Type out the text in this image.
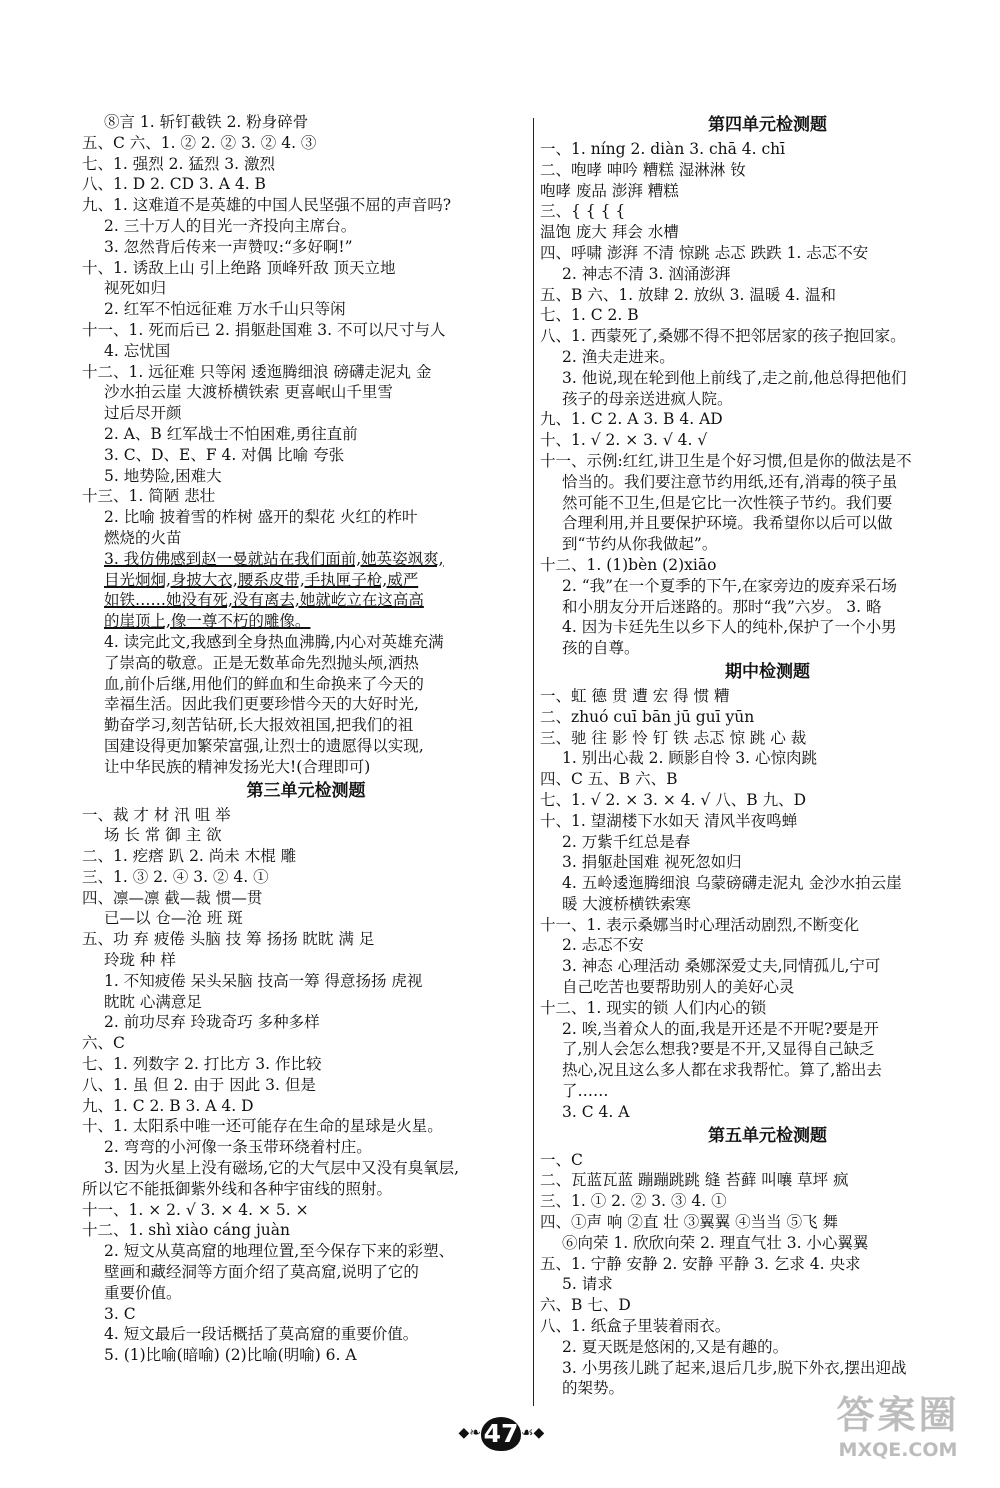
⑧言 1. 斩钉截铁 2. 粉身碎骨
五、C 六、1. ② 2. ② 3. ② 4. ③
七、1. 强烈 2. 猛烈 3. 激烈
八、1. D 2. CD 3. A 4. B
九、1. 这难道不是英雄的中国人民坚强不屈的声音吗?
2. 三十万人的目光一齐投向主席台。
3. 忽然背后传来一声赞叹:“多好啊!”
十、1. 诱敌上山 引上绝路 顶峰歼敌 顶天立地
视死如归
2. 红军不怕远征难 万水千山只等闲
十一、1. 死而后已 2. 捐躯赴国难 3. 不可以尺寸与人
4. 忘忧国
十二、1. 远征难 只等闲 逶迤腾细浪 磅礴走泥丸 金
沙水拍云崖 大渡桥横铁索 更喜岷山千里雪
过后尽开颜
2. A、B 红军战士不怕困难,勇往直前
3. C、D、E、F 4. 对偶 比喻 夸张
5. 地势险,困难大
十三、1. 简陋 悲壮
2. 比喻 披着雪的柞树 盛开的梨花 火红的柞叶
燃烧的火苗
3. 我仿佛感到赵一曼就站在我们面前,她英姿飒爽,
目光炯炯,身披大衣,腰系皮带,手执匣子枪,威严
如铁……她没有死,没有离去,她就屹立在这高高
的崖顶上,像一尊不朽的雕像。
4. 读完此文,我感到全身热血沸腾,内心对英雄充满
了崇高的敬意。正是无数革命先烈抛头颅,洒热
血,前仆后继,用他们的鲜血和生命换来了今天的
幸福生活。因此我们更要珍惜今天的大好时光,
勤奋学习,刻苦钻研,长大报效祖国,把我们的祖
国建设得更加繁荣富强,让烈士的遗愿得以实现,
让中华民族的精神发扬光大!(合理即可)
第三单元检测题
一、裁 才 材 汛 咀 举
场 长 常 御 主 欲
二、1. 疙瘩 趴 2. 尚未 木棍 雕
三、1. ③ 2. ④ 3. ② 4. ①
四、凛—凛 截—裁 惯—贯
已—以 仓—沧 班 斑
五、功 弃 疲倦 头脑 技 筹 扬扬 眈眈 满 足
玲珑 种 样
1. 不知疲倦 呆头呆脑 技高一筹 得意扬扬 虎视
眈眈 心满意足
2. 前功尽弃 玲珑奇巧 多种多样
六、C
七、1. 列数字 2. 打比方 3. 作比较
八、1. 虽 但 2. 由于 因此 3. 但是
九、1. C 2. B 3. A 4. D
十、1. 太阳系中唯一还可能存在生命的星球是火星。
2. 弯弯的小河像一条玉带环绕着村庄。
3. 因为火星上没有磁场,它的大气层中又没有臭氧层,
所以它不能抵御紫外线和各种宇宙线的照射。
十一、1. × 2. √ 3. × 4. × 5. ×
十二、1. shì xiào cáng juàn
2. 短文从莫高窟的地理位置,至今保存下来的彩塑、
壁画和藏经洞等方面介绍了莫高窟,说明了它的
重要价值。
3. C
4. 短文最后一段话概括了莫高窟的重要价值。
5. (1)比喻(暗喻) (2)比喻(明喻) 6. A
第四单元检测题
一、1. níng 2. diàn 3. chā 4. chī
二、咆哮 呻吟 糟糕 湿淋淋 钕
咆哮 废品 澎湃 糟糕
三、{ { { {
温饱 庞大 拜会 水槽
四、呼啸 澎湃 不清 惊跳 忐忑 跌跌 1. 忐忑不安
2. 神志不清 3. 汹涌澎湃
五、B 六、1. 放肆 2. 放纵 3. 温暖 4. 温和
七、1. C 2. B
八、1. 西蒙死了,桑娜不得不把邻居家的孩子抱回家。
2. 渔夫走进来。
3. 他说,现在轮到他上前线了,走之前,他总得把他们
孩子的母亲送进疯人院。
九、1. C 2. A 3. B 4. AD
十、1. √ 2. × 3. √ 4. √
十一、示例:红红,讲卫生是个好习惯,但是你的做法是不
恰当的。我们要注意节约用纸,还有,消毒的筷子虽
然可能不卫生,但是它比一次性筷子节约。我们要
合理利用,并且要保护环境。我希望你以后可以做
到“节约从你我做起”。
十二、1. (1)bèn (2)xiāo
2. “我”在一个夏季的下午,在家旁边的废弃采石场
和小朋友分开后迷路的。那时“我”六岁。 3. 略
4. 因为卡廷先生以乡下人的纯朴,保护了一个小男
孩的自尊。
期中检测题
一、虹 德 贯 遭 宏 得 惯 糟
二、zhuó cuī bān jū guī yūn
三、驰 往 影 怜 钉 铁 忐忑 惊 跳 心 裁
1. 别出心裁 2. 顾影自怜 3. 心惊肉跳
四、C 五、B 六、B
七、1. √ 2. × 3. × 4. √ 八、B 九、D
十、1. 望湖楼下水如天 清风半夜鸣蝉
2. 万紫千红总是春
3. 捐躯赴国难 视死忽如归
4. 五岭逶迤腾细浪 乌蒙磅礴走泥丸 金沙水拍云崖
暖 大渡桥横铁索寒
十一、1. 表示桑娜当时心理活动剧烈,不断变化
2. 忐忑不安
3. 神态 心理活动 桑娜深爱丈夫,同情孤儿,宁可
自己吃苦也要帮助别人的美好心灵
十二、1. 现实的锁 人们内心的锁
2. 唉,当着众人的面,我是开还是不开呢?要是开
了,别人会怎么想我?要是不开,又显得自己缺乏
热心,况且这么多人都在求我帮忙。算了,豁出去
了……
3. C 4. A
第五单元检测题
一、C
二、瓦蓝瓦蓝 蹦蹦跳跳 缝 苔藓 叫嚷 草坪 疯
三、1. ① 2. ② 3. ③ 4. ①
四、①声 响 ②直 壮 ③翼翼 ④当当 ⑤飞 舞
⑥向荣 1. 欣欣向荣 2. 理直气壮 3. 小心翼翼
五、1. 宁静 安静 2. 安静 平静 3. 乞求 4. 央求
5. 请求
六、B 七、D
八、1. 纸盒子里装着雨衣。
2. 夏天既是悠闲的,又是有趣的。
3. 小男孩儿跳了起来,退后几步,脱下外衣,摆出迎战
的架势。
◆❧ 47 ☙◆	答案圈
MXQE.COM
